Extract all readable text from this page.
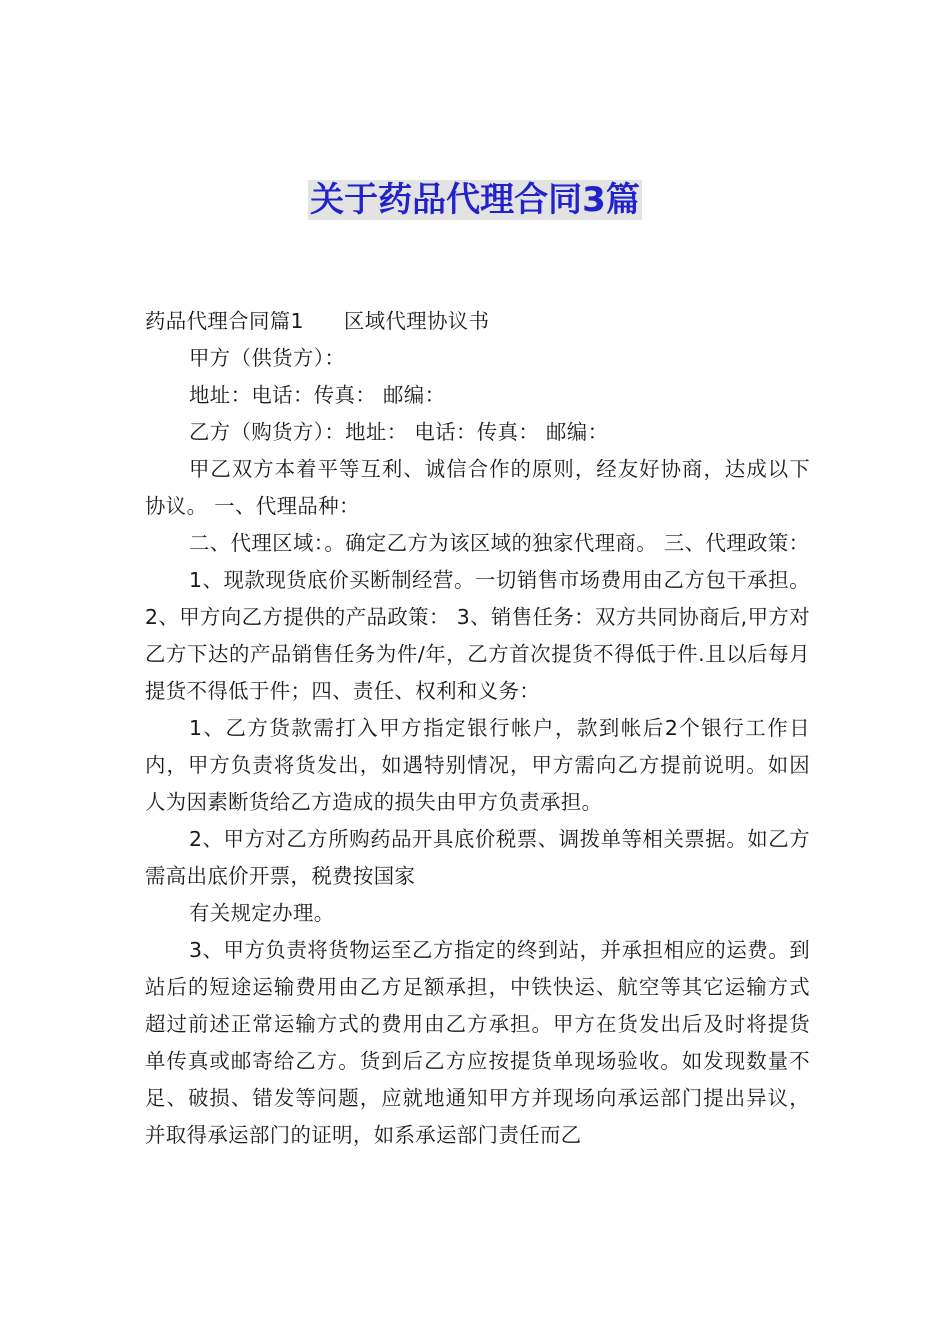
关于药品代理合同3篇

药品代理合同篇1 区域代理协议书

甲方（供货方）：

地址：电话：传真： 邮编：

乙方（购货方）：地址： 电话：传真： 邮编：

甲乙双方本着平等互利、诚信合作的原则，经友好协商，达成以下协议。 一、代理品种：

二、代理区域：。确定乙方为该区域的独家代理商。 三、代理政策：

1、现款现货底价买断制经营。一切销售市场费用由乙方包干承担。 2、甲方向乙方提供的产品政策： 3、销售任务：双方共同协商后,甲方对乙方下达的产品销售任务为件/年，乙方首次提货不得低于件.且以后每月提货不得低于件；四、责任、权利和义务：

1、乙方货款需打入甲方指定银行帐户，款到帐后2个银行工作日内，甲方负责将货发出，如遇特别情况，甲方需向乙方提前说明。如因人为因素断货给乙方造成的损失由甲方负责承担。

2、甲方对乙方所购药品开具底价税票、调拨单等相关票据。如乙方需高出底价开票，税费按国家

有关规定办理。

3、甲方负责将货物运至乙方指定的终到站，并承担相应的运费。到站后的短途运输费用由乙方足额承担，中铁快运、航空等其它运输方式超过前述正常运输方式的费用由乙方承担。甲方在货发出后及时将提货单传真或邮寄给乙方。货到后乙方应按提货单现场验收。如发现数量不足、破损、错发等问题，应就地通知甲方并现场向承运部门提出异议，并取得承运部门的证明，如系承运部门责任而乙
